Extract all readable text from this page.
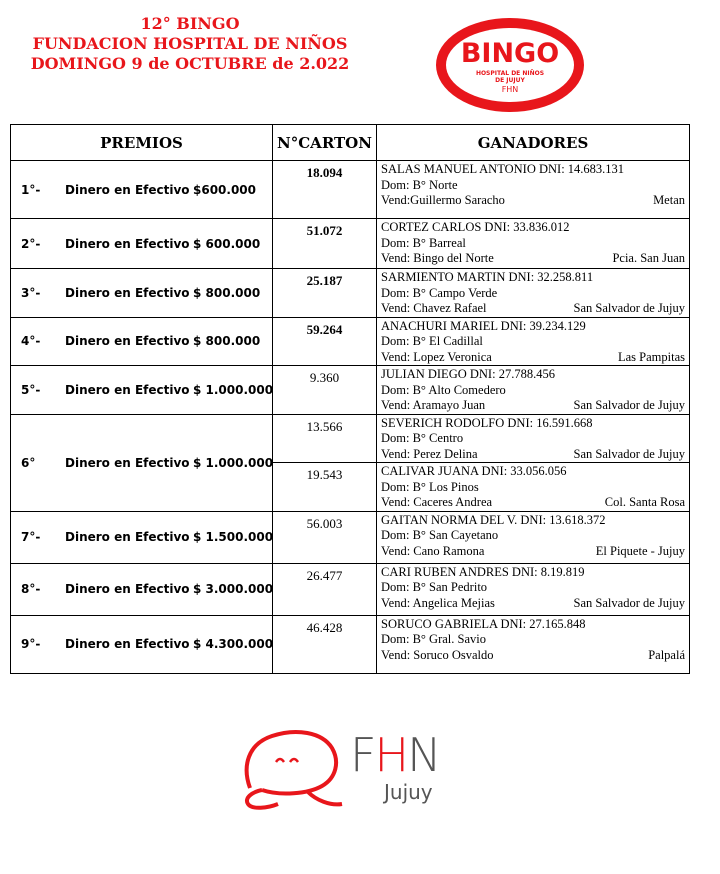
12° BINGO
FUNDACION HOSPITAL DE NIÑOS
DOMINGO 9 de OCTUBRE de 2.022	BINGO
HOSPITAL DE NIÑOS
DE JUJUY
FHN
PREMIOS	N°CARTON	GANADORES
1°- Dinero en Efectivo $600.000	18.094	SALAS MANUEL ANTONIO DNI: 14.683.131
Dom: B° Norte
Vend:Guillermo Saracho Metan

2°- Dinero en Efectivo $ 600.000	51.072	CORTEZ CARLOS DNI: 33.836.012
Dom: B° Barreal
Vend: Bingo del Norte Pcia. San Juan

3°- Dinero en Efectivo $ 800.000	25.187	SARMIENTO MARTIN DNI: 32.258.811
Dom: B° Campo Verde
Vend: Chavez Rafael San Salvador de Jujuy

4°- Dinero en Efectivo $ 800.000	59.264	ANACHURI MARIEL DNI: 39.234.129
Dom: B° El Cadillal
Vend: Lopez Veronica Las Pampitas

5°- Dinero en Efectivo $ 1.000.000	9.360	JULIAN DIEGO DNI: 27.788.456
Dom: B° Alto Comedero
Vend: Aramayo Juan San Salvador de Jujuy

6° Dinero en Efectivo $ 1.000.000	13.566	SEVERICH RODOLFO DNI: 16.591.668
Dom: B° Centro
Vend: Perez Delina San Salvador de Jujuy

	19.543	CALIVAR JUANA DNI: 33.056.056
Dom: B° Los Pinos
Vend: Caceres Andrea Col. Santa Rosa

7°- Dinero en Efectivo $ 1.500.000	56.003	GAITAN NORMA DEL V. DNI: 13.618.372
Dom: B° San Cayetano
Vend: Cano Ramona El Piquete - Jujuy

8°- Dinero en Efectivo $ 3.000.000	26.477	CARI RUBEN ANDRES DNI: 8.19.819
Dom: B° San Pedrito
Vend: Angelica Mejias San Salvador de Jujuy

9°- Dinero en Efectivo $ 4.300.000	46.428	SORUCO GABRIELA DNI: 27.165.848
Dom: B° Gral. Savio
Vend: Soruco Osvaldo Palpalá
FHN
Jujuy
